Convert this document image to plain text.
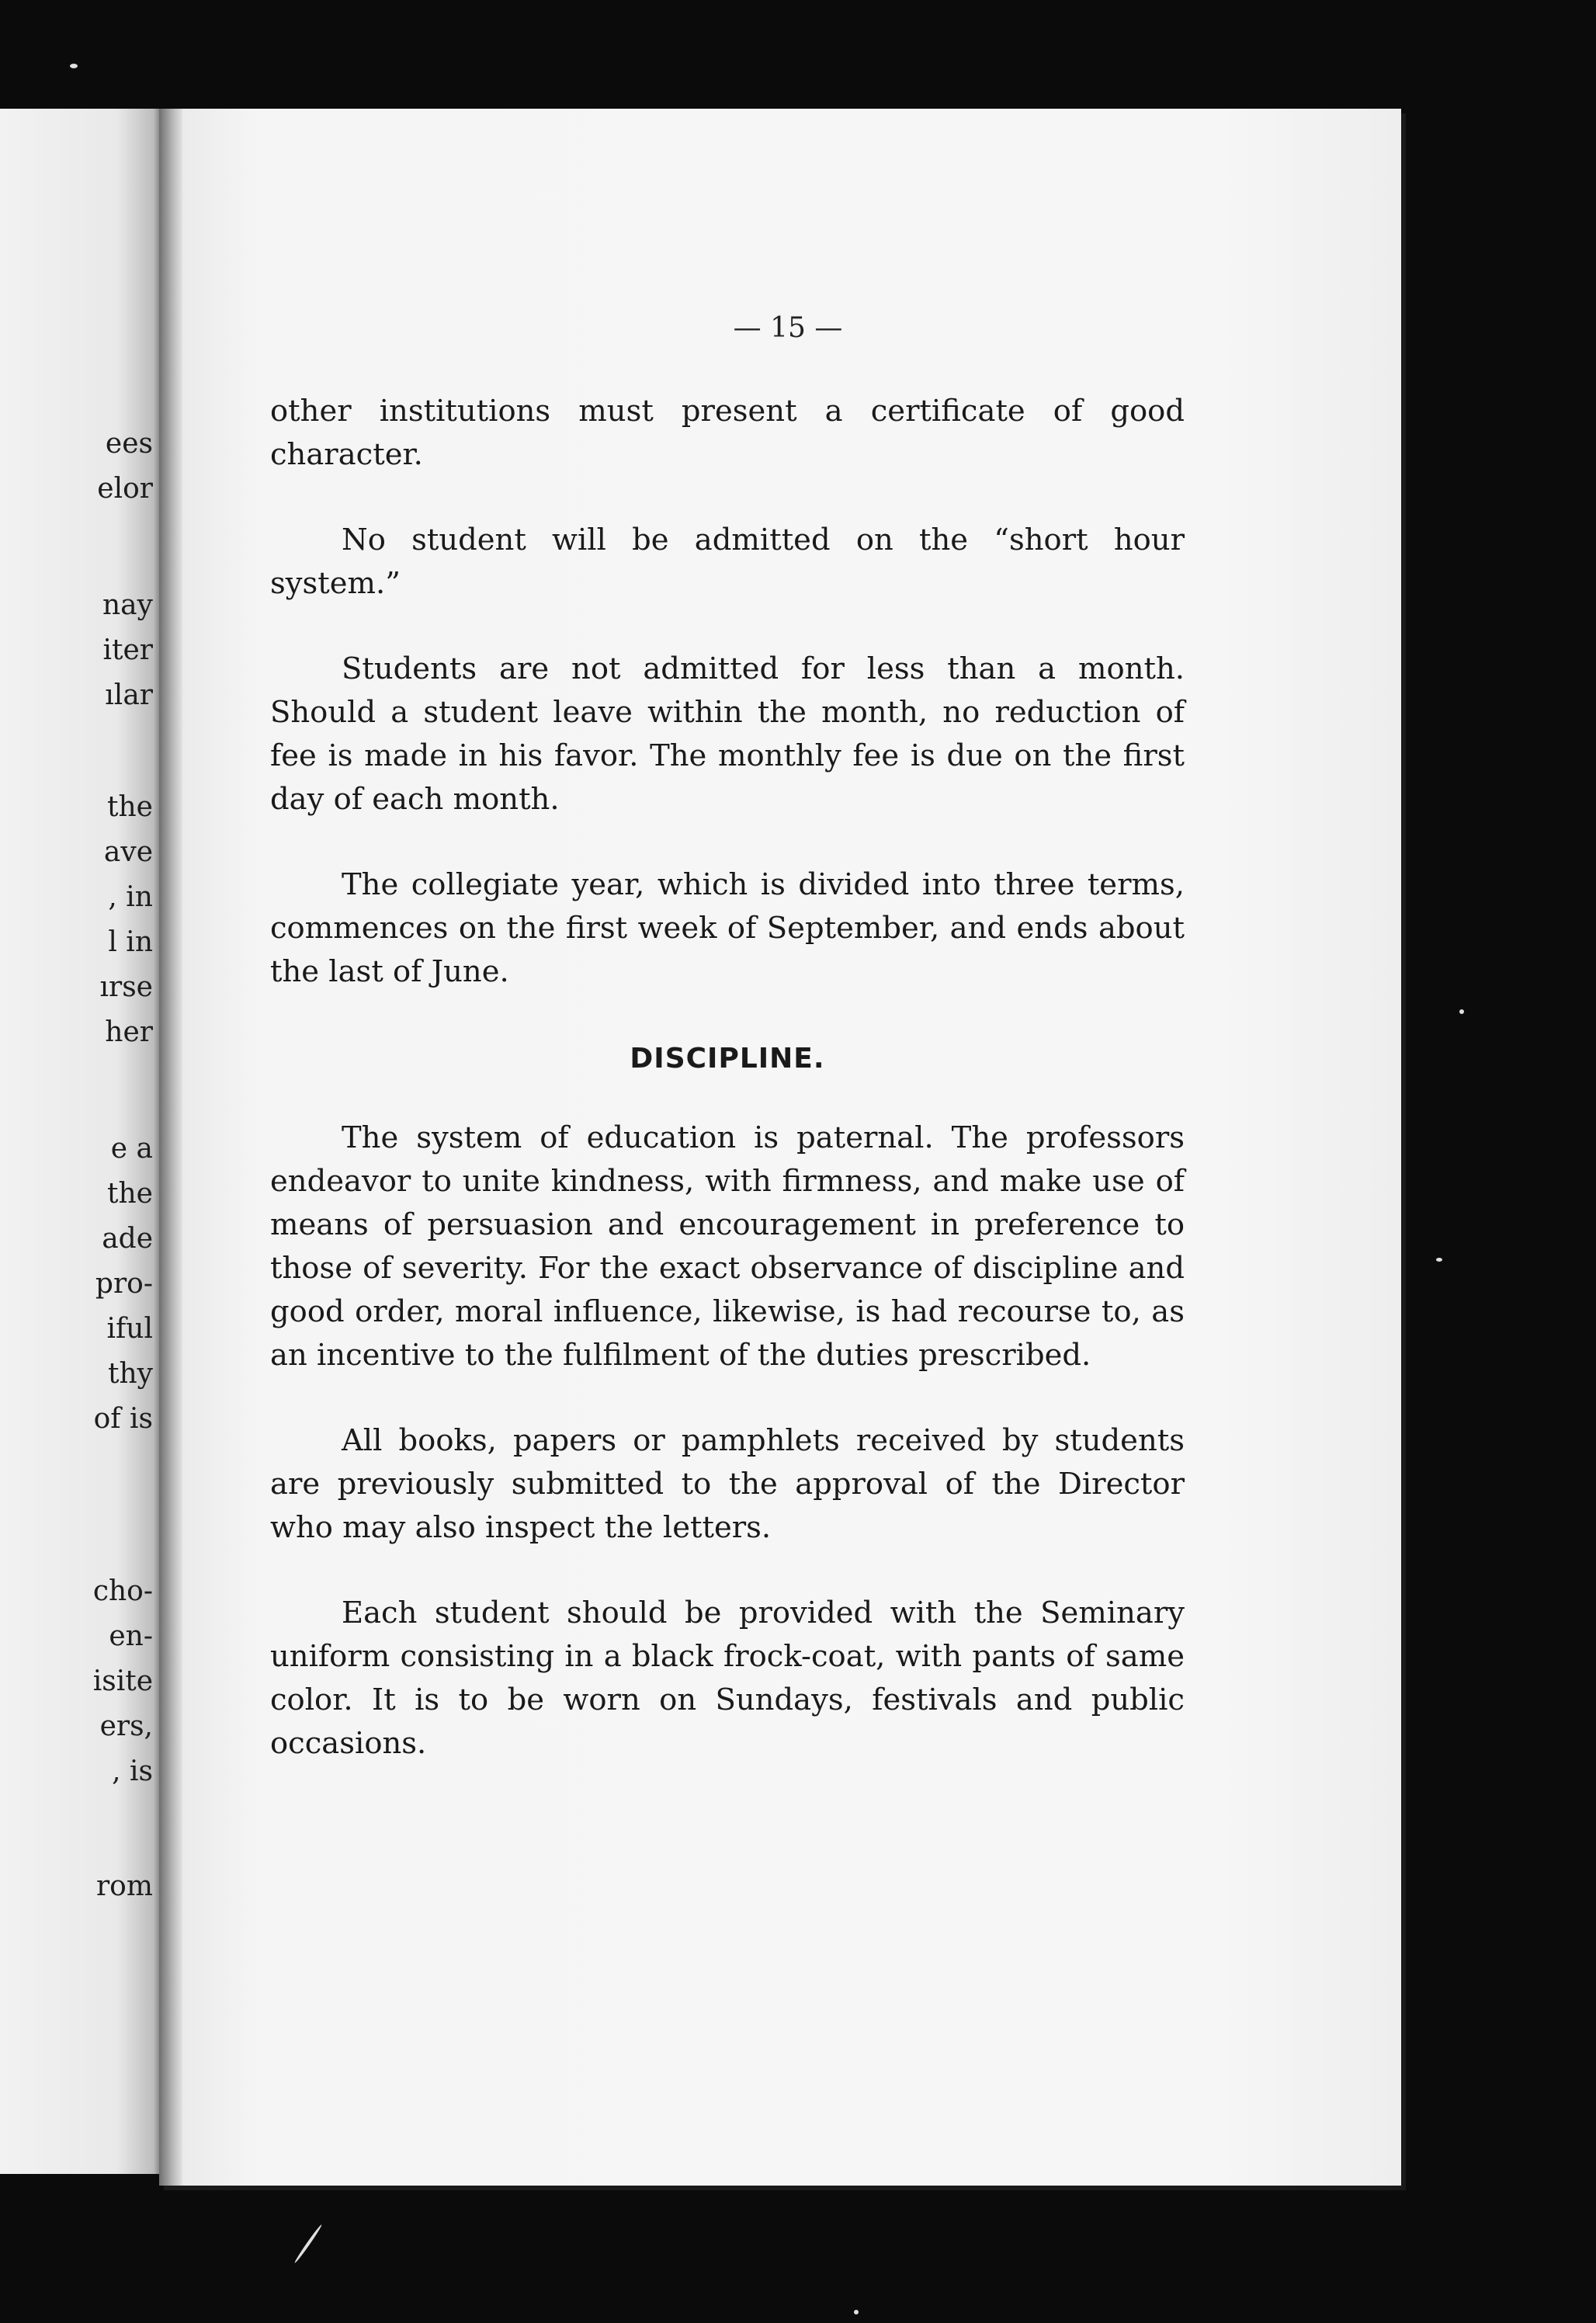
ees
elor
nay
iter
ılar
the
ave
, in
l in
ırse
her
e a
the
ade
pro-
iful
thy
of is
cho-
en-
isite
ers,
, is
rom
— 15 —

other institutions must present a certificate of good character.

No student will be admitted on the “short hour system.”

Students are not admitted for less than a month. Should a student leave within the month, no reduction of fee is made in his favor. The monthly fee is due on the first day of each month.

The collegiate year, which is divided into three terms, commences on the first week of September, and ends about the last of June.

DISCIPLINE.

The system of education is paternal. The professors endeavor to unite kindness, with firmness, and make use of means of persuasion and encouragement in preference to those of severity. For the exact observance of discipline and good order, moral influence, likewise, is had recourse to, as an incentive to the fulfilment of the duties prescribed.

All books, papers or pamphlets received by students are previously submitted to the approval of the Director who may also inspect the letters.

Each student should be provided with the Seminary uniform consisting in a black frock-coat, with pants of same color. It is to be worn on Sundays, festivals and public occasions.
